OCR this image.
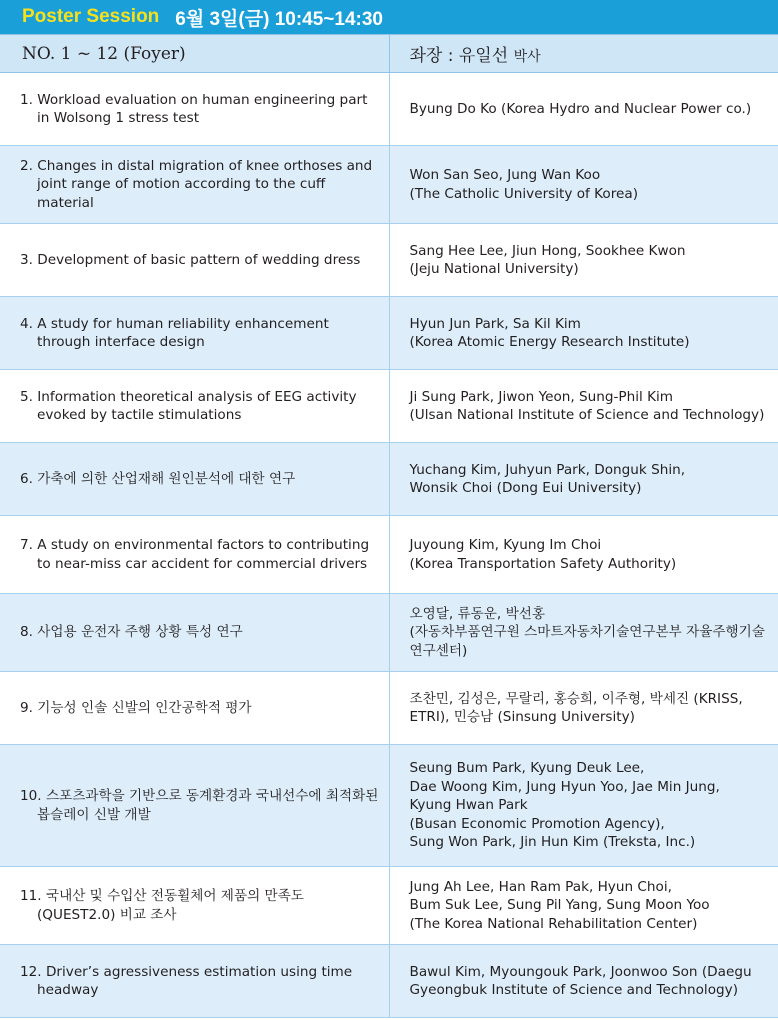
Poster Session 6월 3일(금) 10:45~14:30
NO. 1 ~ 12 (Foyer)	좌장 : 유일선 박사

1. Workload evaluation on human engineering part in Wolsong 1 stress test	Byung Do Ko (Korea Hydro and Nuclear Power co.)

2. Changes in distal migration of knee orthoses and joint range of motion according to the cuff material	Won San Seo, Jung Wan Koo
(The Catholic University of Korea)

3. Development of basic pattern of wedding dress	Sang Hee Lee, Jiun Hong, Sookhee Kwon
(Jeju National University)

4. A study for human reliability enhancement through interface design	Hyun Jun Park, Sa Kil Kim
(Korea Atomic Energy Research Institute)

5. Information theoretical analysis of EEG activity evoked by tactile stimulations	Ji Sung Park, Jiwon Yeon, Sung-Phil Kim
(Ulsan National Institute of Science and Technology)

6. 가축에 의한 산업재해 원인분석에 대한 연구	Yuchang Kim, Juhyun Park, Donguk Shin,
Wonsik Choi (Dong Eui University)

7. A study on environmental factors to contributing to near-miss car accident for commercial drivers	Juyoung Kim, Kyung Im Choi
(Korea Transportation Safety Authority)

8. 사업용 운전자 주행 상황 특성 연구	오영달, 류동운, 박선홍
(자동차부품연구원 스마트자동차기술연구본부 자율주행기술연구센터)

9. 기능성 인솔 신발의 인간공학적 평가	조찬민, 김성은, 무랄리, 홍승희, 이주형, 박세진 (KRISS, ETRI), 민승남 (Sinsung University)

10. 스포츠과학을 기반으로 동계환경과 국내선수에 최적화된 봅슬레이 신발 개발	Seung Bum Park, Kyung Deuk Lee,
Dae Woong Kim, Jung Hyun Yoo, Jae Min Jung,
Kyung Hwan Park
(Busan Economic Promotion Agency),
Sung Won Park, Jin Hun Kim (Treksta, Inc.)

11. 국내산 및 수입산 전동휠체어 제품의 만족도 (QUEST2.0) 비교 조사	Jung Ah Lee, Han Ram Pak, Hyun Choi,
Bum Suk Lee, Sung Pil Yang, Sung Moon Yoo
(The Korea National Rehabilitation Center)

12. Driver’s agressiveness estimation using time headway	Bawul Kim, Myoungouk Park, Joonwoo Son (Daegu Gyeongbuk Institute of Science and Technology)
